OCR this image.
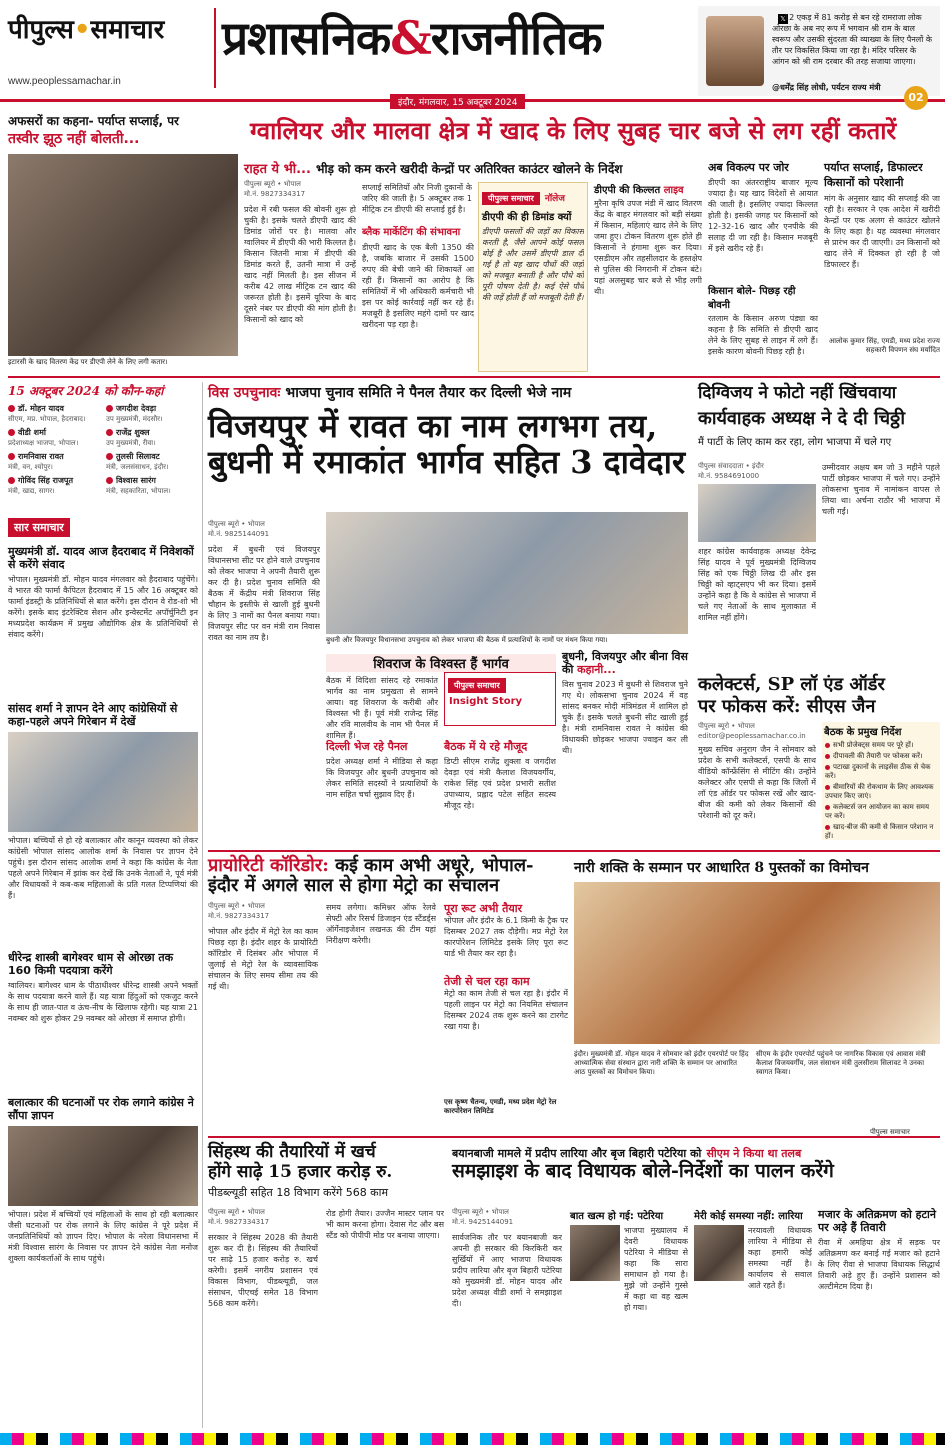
पीपुल्स•समाचार
www.peoplessamachar.in
प्रशासनिक&राजनीतिक
इंदौर, मंगलवार, 15 अक्टूबर 2024
𝕏
12 एकड़ में 81 करोड़ से बन रहे रामराजा लोक ओरछा के अब नए रूप में भगवान श्री राम के बाल स्वरूप और उसकी सुंदरता की व्याख्या के लिए पैनलों के तौर पर विकसित किया जा रहा है। मंदिर परिसर के आंगन को श्री राम दरबार की तरह सजाया जाएगा।
@धर्मेंद्र सिंह लोधी, पर्यटन राज्य मंत्री
02
अफसरों का कहना- पर्याप्त सप्लाई, पर
तस्वीर झूठ नहीं बोलती...	ग्वालियर और मालवा क्षेत्र में खाद के लिए सुबह चार बजे से लग रहीं कतारें
इटारसी के खाद वितरण केंद्र पर डीएपी लेने के लिए लगी कतार।
राहत ये भी... भीड़ को कम करने खरीदी केन्द्रों पर अतिरिक्त काउंटर खोलने के निर्देश
पीपुल्स ब्यूरो • भोपाल
मो.नं. 9827334317
प्रदेश में रबी फसल की बोवनी शुरू हो चुकी है। इसके चलते डीएपी खाद की डिमांड जोरों पर है। मालवा और ग्वालियर में डीएपी की भारी किल्लत है। किसान जितनी मात्रा में डीएपी की डिमांड करते हैं, उतनी मात्रा में उन्हें खाद नहीं मिलती है। इस सीजन में करीब 42 लाख मीट्रिक टन खाद की जरूरत होती है। इसमें यूरिया के बाद दूसरे नंबर पर डीएपी की मांग होती है। किसानों को खाद को
सप्लाई समितियों और निजी दुकानों के जरिए की जाती है। 5 अक्टूबर तक 1 मीट्रिक टन डीएपी की सप्लाई हुई है।
ब्लैक मार्केटिंग की संभावना
डीएपी खाद के एक बैली 1350 की है, जबकि बाजार में उसकी 1500 रुपए की बेची जाने की शिकायतें आ रही हैं। किसानों का आरोप है कि समितियों में भी अधिकारी कर्मचारी भी इस पर कोई कार्रवाई नहीं कर रहे हैं। मजबूरी है इसलिए महंगे दामों पर खाद खरीदना पड़ रहा है।
पीपुल्स समाचार नॉलेज
डीएपी की ही डिमांड क्यों
डीएपी फसलों की जड़ों का विकास करती है, जैसे आपने कोई फसल बोई है और उसमें डीएपी डाल दी गई है तो यह खाद पौधों की जड़ों को मजबूत बनाती है और पौधे को पूरी पोषण देती है। कई ऐसे पौधे की जड़ें होती हैं जो मजबूती देती हैं।
डीएपी की किल्लत लाइव
मुरैना कृषि उपज मंडी में खाद वितरण केंद्र के बाहर मंगलवार को बड़ी संख्या में किसान, महिलाएं खाद लेने के लिए जमा हुए। टोकन वितरण शुरू होते ही किसानों ने हंगामा शुरू कर दिया। एसडीएम और तहसीलदार के हस्तक्षेप से पुलिस की निगरानी में टोकन बंटे। यहां अलसुबह चार बजे से भीड़ लगी थी।
अब विकल्प पर जोर
डीएपी का अंतरराष्ट्रीय बाजार मूल्य ज्यादा है। यह खाद विदेशों से आयात की जाती है। इसलिए ज्यादा किल्लत होती है। इसकी जगह पर किसानों को 12-32-16 खाद और एनपीके की सलाह दी जा रही है। किसान मजबूरी में इसे खरीद रहे हैं।
किसान बोले- पिछड़ रही बोवनी
रतलाम के किसान अरुण पंड्या का कहना है कि समिति से डीएपी खाद लेने के लिए सुबह से लाइन में लगे हैं। इसके कारण बोवनी पिछड़ रही है।
पर्याप्त सप्लाई, डिफाल्टर किसानों को परेशानी
मांग के अनुसार खाद की सप्लाई की जा रही है। सरकार ने एक आदेश में खरीदी केन्द्रों पर एक अलग से काउंटर खोलने के लिए कहा है। यह व्यवस्था मंगलवार से प्रारंभ कर दी जाएगी। उन किसानों को खाद लेने में दिक्कत हो रही है जो डिफाल्टर हैं।
आलोक कुमार सिंह, एमडी, मध्य प्रदेश राज्य सहकारी विपणन संघ मर्यादित
15 अक्टूबर 2024 को कौन-कहां
डॉ. मोहन यादव
सीएम, मप्र. भोपाल, हैदराबाद।
जगदीश देवड़ा
उप मुख्यमंत्री, मंदसौर।
वीडी शर्मा
प्रदेशाध्यक्ष भाजपा, भोपाल।
राजेंद्र शुक्ल
उप मुख्यमंत्री, रीवा।
रामनिवास रावत
मंत्री, वन, श्योपुर।
तुलसी सिलावट
मंत्री, जलसंसाधन, इंदौर।
गोविंद सिंह राजपूत
मंत्री, खाद्य, सागर।
विश्वास सारंग
मंत्री, सहकारिता, भोपाल।
सार समाचार
मुख्यमंत्री डॉ. यादव आज हैदराबाद में निवेशकों से करेंगे संवाद
भोपाल। मुख्यमंत्री डॉ. मोहन यादव मंगलवार को हैदराबाद पहुंचेंगे। वे भारत की फार्मा कैपिटल हैदराबाद में 15 और 16 अक्टूबर को फार्मा इंडस्ट्री के प्रतिनिधियों से बात करेंगे। इस दौरान वे रोड-शो भी करेंगे। इसके बाद इंटरेक्टिव सेशन और इन्वेस्टमेंट अपॉर्चुनिटी इन मध्यप्रदेश कार्यक्रम में प्रमुख औद्योगिक क्षेत्र के प्रतिनिधियों से संवाद करेंगे।
सांसद शर्मा ने ज्ञापन देने आए कांग्रेसियों से कहा-पहले अपने गिरेबान में देखें
भोपाल। बच्चियों से हो रहे बलात्कार और कानून व्यवस्था को लेकर कांग्रेसी भोपाल सांसद आलोक शर्मा के निवास पर ज्ञापन देने पहुंचे। इस दौरान सांसद आलोक शर्मा ने कहा कि कांग्रेस के नेता पहले अपने गिरेबान में झांक कर देखें कि उनके नेताओं ने, पूर्व मंत्री और विधायकों ने कब-कब महिलाओं के प्रति गलत टिप्पणियां की हैं।
धीरेन्द्र शास्त्री बागेश्वर धाम से ओरछा तक 160 किमी पदयात्रा करेंगे
ग्वालियर। बागेश्वर धाम के पीठाधीश्वर धीरेन्द्र शास्त्री अपने भक्तों के साथ पदयात्रा करने वाले हैं। यह यात्रा हिंदुओं को एकजुट करने के साथ ही जात-पात व ऊंच-नीच के खिलाफ रहेगी। यह यात्रा 21 नवम्बर को शुरू होकर 29 नवम्बर को ओरछा में समाप्त होगी।
बलात्कार की घटनाओं पर रोक लगाने कांग्रेस ने सौंपा ज्ञापन
भोपाल। प्रदेश में बच्चियों एवं महिलाओं के साथ हो रही बलात्कार जैसी घटनाओं पर रोक लगाने के लिए कांग्रेस ने पूरे प्रदेश में जनप्रतिनिधियों को ज्ञापन दिए। भोपाल के नरेला विधानसभा में मंत्री विश्वास सारंग के निवास पर ज्ञापन देने कांग्रेस नेता मनोज शुक्ला कार्यकर्ताओं के साथ पहुंचे।
विस उपचुनावः भाजपा चुनाव समिति ने पैनल तैयार कर दिल्ली भेजे नाम
विजयपुर में रावत का नाम लगभग तय,
बुधनी में रमाकांत भार्गव सहित 3 दावेदार
पीपुल्स ब्यूरो • भोपाल
मो.नं. 9825144091
प्रदेश में बुधनी एवं विजयपुर विधानसभा सीट पर होने वाले उपचुनाव को लेकर भाजपा ने अपनी तैयारी शुरू कर दी है। प्रदेश चुनाव समिति की बैठक में केंद्रीय मंत्री शिवराज सिंह चौहान के इस्तीफे से खाली हुई बुधनी के लिए 3 नामों का पैनल बनाया गया। विजयपुर सीट पर वन मंत्री राम निवास रावत का नाम तय है।	बुधनी और विजयपुर विधानसभा उपचुनाव को लेकर भाजपा की बैठक में प्रत्याशियों के नामों पर मंथन किया गया।
शिवराज के विश्वस्त हैं भार्गव
बैठक में विदिशा सांसद रहे रमाकांत भार्गव का नाम प्रमुखता से सामने आया। वह शिवराज के करीबी और विश्वस्त भी हैं। पूर्व मंत्री राजेन्द्र सिंह और रवि मालवीय के नाम भी पैनल में शामिल हैं।
पीपुल्स समाचार
Insight Story
दिल्ली भेज रहे पैनल
प्रदेश अध्यक्ष शर्मा ने मीडिया से कहा कि विजयपुर और बुधनी उपचुनाव को लेकर समिति सदस्यों ने प्रत्याशियों के नाम सहित चर्चा सुझाव दिए हैं।
बैठक में ये रहे मौजूद
डिप्टी सीएम राजेंद्र शुक्ला व जगदीश देवड़ा एवं मंत्री कैलाश विजयवर्गीय, राकेश सिंह एवं प्रदेश प्रभारी सतीश उपाध्याय, प्रह्लाद पटेल सहित सदस्य मौजूद रहे।
बुधनी, विजयपुर और बीना विस की कहानी...
विस चुनाव 2023 में बुधनी से शिवराज चुने गए थे। लोकसभा चुनाव 2024 में वह सांसद बनकर मोदी मंत्रिमंडल में शामिल हो चुके हैं। इसके चलते बुधनी सीट खाली हुई है। मंत्री रामनिवास रावत ने कांग्रेस की विधायकी छोड़कर भाजपा ज्वाइन कर ली थी।
दिग्विजय ने फोटो नहीं खिंचवाया
कार्यवाहक अध्यक्ष ने दे दी चिठ्ठी
मैं पार्टी के लिए काम कर रहा, लोग भाजपा में चले गए
पीपुल्स संवाददाता • इंदौर
मो.नं. 9584691000
शहर कांग्रेस कार्यवाहक अध्यक्ष देवेन्द्र सिंह यादव ने पूर्व मुख्यमंत्री दिग्विजय सिंह को एक चिठ्ठी लिख दी और इस चिठ्ठी को व्हाट्सएप भी कर दिया। इसमें उन्होंने कहा है कि वे कांग्रेस से भाजपा में चले गए नेताओं के साथ मुलाकात में शामिल नहीं होंगे।
उम्मीदवार अक्षय बम जो 3 महीने पहले पार्टी छोड़कर भाजपा में चले गए। उन्होंने लोकसभा चुनाव में नामांकन वापस ले लिया था। अर्चना राठौर भी भाजपा में चली गईं।
कलेक्टर्स, SP लॉ एंड ऑर्डर
पर फोकस करें: सीएस जैन
पीपुल्स ब्यूरो • भोपाल
editor@peoplessamachar.co.in
मुख्य सचिव अनुराग जैन ने सोमवार को प्रदेश के सभी कलेक्टर्स, एसपी के साथ वीडियो कॉन्फ्रेंसिंग से मीटिंग की। उन्होंने कलेक्टर और एसपी से कहा कि जिलों में लॉ एंड ऑर्डर पर फोकस रखें और खाद-बीज की कमी को लेकर किसानों की परेशानी को दूर करें।
बैठक के प्रमुख निर्देश
सभी प्रोजेक्ट्स समय पर पूरे हों।
दीपावली की तैयारी पर फोकस करें।
पटाखा दुकानों के लाइसेंस ठीक से चेक करें।
बीमारियों की रोकथाम के लिए आवश्यक उपचार किए जाएं।
कलेक्टर्स जन आयोजन का काम समय पर करें।
खाद-बीज की कमी से किसान परेशान न हों।
प्रायोरिटी कॉरिडोर: कई काम अभी अधूरे, भोपाल-
इंदौर में अगले साल से होगा मेट्रो का संचालन
पीपुल्स ब्यूरो • भोपाल
मो.नं. 9827334317
भोपाल और इंदौर में मेट्रो रेल का काम पिछड़ रहा है। इंदौर शहर के प्रायोरिटी कॉरिडोर में दिसंबर और भोपाल में जुलाई से मेट्रो रेल के व्यावसायिक संचालन के लिए समय सीमा तय की गई थी।
समय लगेगा। कमिश्नर ऑफ रेलवे सेफ्टी और रिसर्च डिजाइन एंड स्टैंडर्ड्स ऑर्गेनाइजेशन लखनऊ की टीम यहां निरीक्षण करेगी।
पूरा रूट अभी तैयार
भोपाल और इंदौर के 6.1 किमी के ट्रैक पर दिसम्बर 2027 तक दौड़ेगी। मप्र मेट्रो रेल कारपोरेशन लिमिटेड इसके लिए पूरा रूट यार्ड भी तैयार कर रहा है।
तेजी से चल रहा काम
मेट्रो का काम तेजी से चल रहा है। इंदौर में पहली लाइन पर मेट्रो का नियमित संचालन दिसम्बर 2024 तक शुरू करने का टारगेट रखा गया है।
एस कृष्ण चैतन्य, एमडी, मध्य प्रदेश मेट्रो रेल कारपोरेशन लिमिटेड
नारी शक्ति के सम्मान पर आधारित 8 पुस्तकों का विमोचन
इंदौर। मुख्यमंत्री डॉ. मोहन यादव ने सोमवार को इंदौर एयरपोर्ट पर हिंद आध्यात्मिक सेवा संस्थान द्वारा नारी शक्ति के सम्मान पर आधारित आठ पुस्तकों का विमोचन किया।
सीएम के इंदौर एयरपोर्ट पहुंचने पर नागरिक विकास एवं आवास मंत्री कैलाश विजयवर्गीय, जल संसाधन मंत्री तुलसीराम सिलावट ने उनका स्वागत किया।
पीपुल्स समाचार
सिंहस्थ की तैयारियों में खर्च
होंगे साढ़े 15 हजार करोड़ रु.
पीडब्ल्यूडी सहित 18 विभाग करेंगे 568 काम
पीपुल्स ब्यूरो • भोपाल
मो.नं. 9827334317
सरकार ने सिंहस्थ 2028 की तैयारी शुरू कर दी है। सिंहस्थ की तैयारियों पर साढ़े 15 हजार करोड़ रु. खर्च करेगी। इसमें नगरीय प्रशासन एवं विकास विभाग, पीडब्ल्यूडी, जल संसाधन, पीएचई समेत 18 विभाग 568 काम करेंगे।
रोड होगी तैयार। उज्जैन मास्टर प्लान पर भी काम करना होगा। देवास गेट और बस स्टैंड को पीपीपी मोड पर बनाया जाएगा।
बयानबाजी मामले में प्रदीप लारिया और बृज बिहारी पटेरिया को सीएम ने किया था तलब
समझाइश के बाद विधायक बोले-निर्देशों का पालन करेंगे
पीपुल्स ब्यूरो • भोपाल
मो.नं. 9425144091
सार्वजनिक तौर पर बयानबाजी कर अपनी ही सरकार की किरकिरी कर सुर्खियों में आए भाजपा विधायक प्रदीप लारिया और बृज बिहारी पटेरिया को मुख्यमंत्री डॉ. मोहन यादव और प्रदेश अध्यक्ष वीडी शर्मा ने समझाइश दी।
बात खत्म हो गई: पटेरिया
भाजपा मुख्यालय में देवरी विधायक पटेरिया ने मीडिया से कहा कि सारा समाधान हो गया है। मुझे जो उन्होंने गुस्से में कहा था वह खत्म हो गया।
मेरी कोई समस्या नहीं: लारिया
नरयावली विधायक लारिया ने मीडिया से कहा हमारी कोई समस्या नहीं है। कार्यालय से सवाल आते रहते हैं।
मजार के अतिक्रमण को हटाने पर अड़े हैं तिवारी
रीवा में अमहिया क्षेत्र में सड़क पर अतिक्रमण कर बनाई गई मजार को हटाने के लिए रीवा से भाजपा विधायक सिद्धार्थ तिवारी अड़े हुए हैं। उन्होंने प्रशासन को अल्टीमेटम दिया है।
